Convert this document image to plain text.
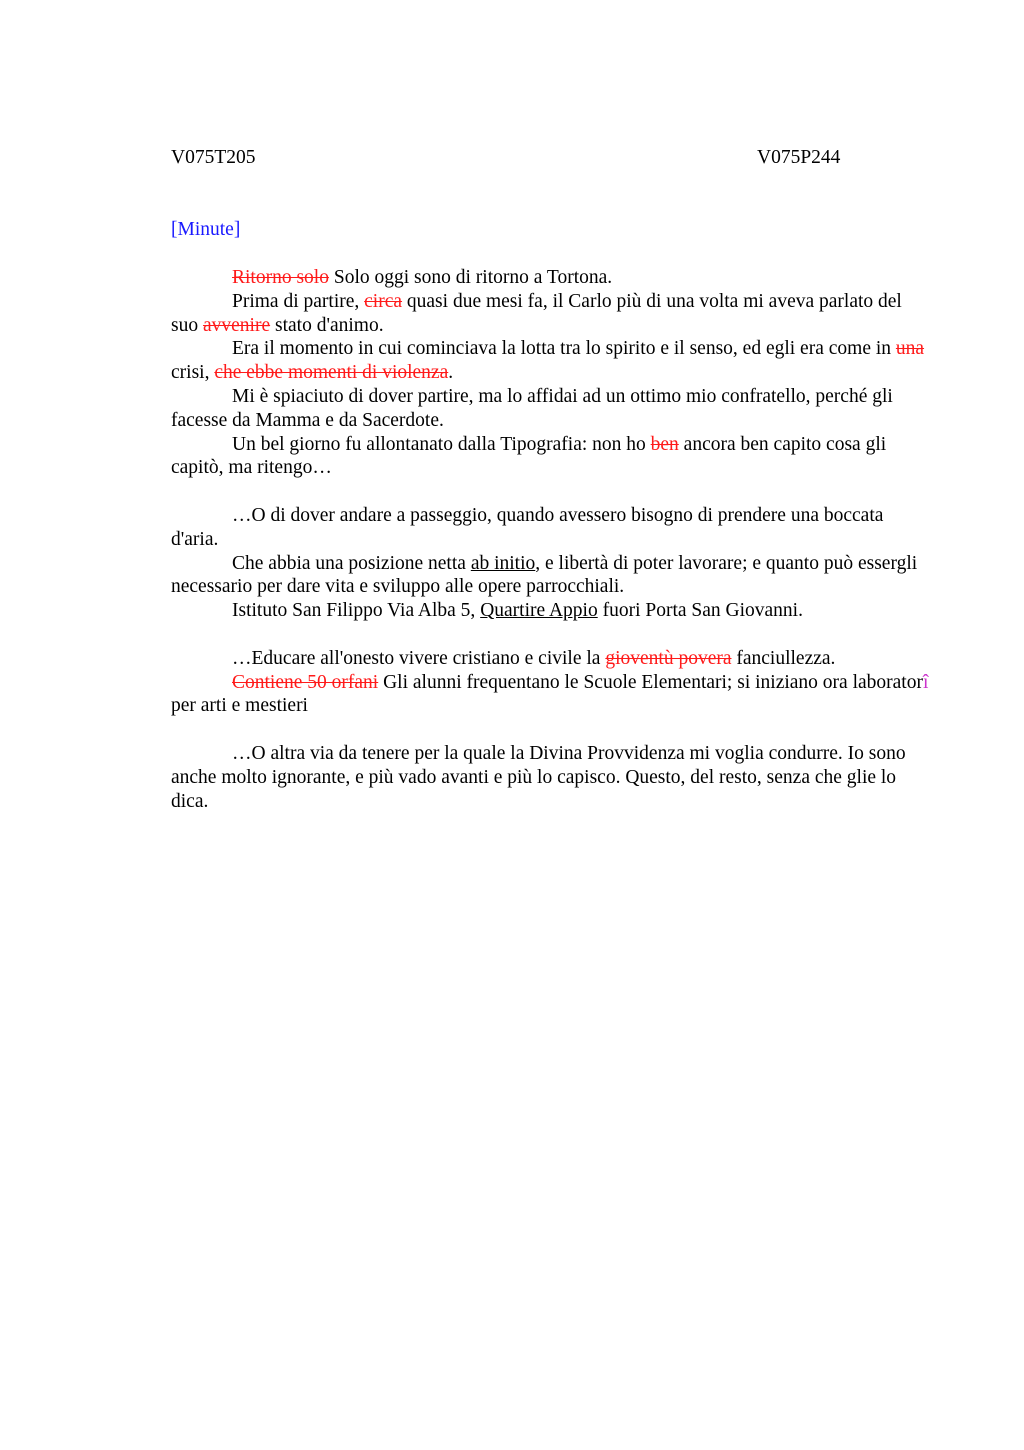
V075T205	V075P244
[Minute]

Ritorno solo Solo oggi sono di ritorno a Tortona.

Prima di partire, circa quasi due mesi fa, il Carlo più di una volta mi aveva parlato del suo avvenire stato d'animo.

Era il momento in cui cominciava la lotta tra lo spirito e il senso, ed egli era come in una crisi, che ebbe momenti di violenza.

Mi è spiaciuto di dover partire, ma lo affidai ad un ottimo mio confratello, perché gli facesse da Mamma e da Sacerdote.

Un bel giorno fu allontanato dalla Tipografia: non ho ben ancora ben capito cosa gli capitò, ma ritengo…

…O di dover andare a passeggio, quando avessero bisogno di prendere una boccata d'aria.

Che abbia una posizione netta ab initio, e libertà di poter lavorare; e quanto può essergli necessario per dare vita e sviluppo alle opere parrocchiali.

Istituto San Filippo Via Alba 5, Quartire Appio fuori Porta San Giovanni.

…Educare all'onesto vivere cristiano e civile la gioventù povera fanciullezza.

Contiene 50 orfani Gli alunni frequentano le Scuole Elementari; si iniziano ora laboratorî per arti e mestieri

…O altra via da tenere per la quale la Divina Provvidenza mi voglia condurre. Io sono anche molto ignorante, e più vado avanti e più lo capisco. Questo, del resto, senza che glie lo dica.
